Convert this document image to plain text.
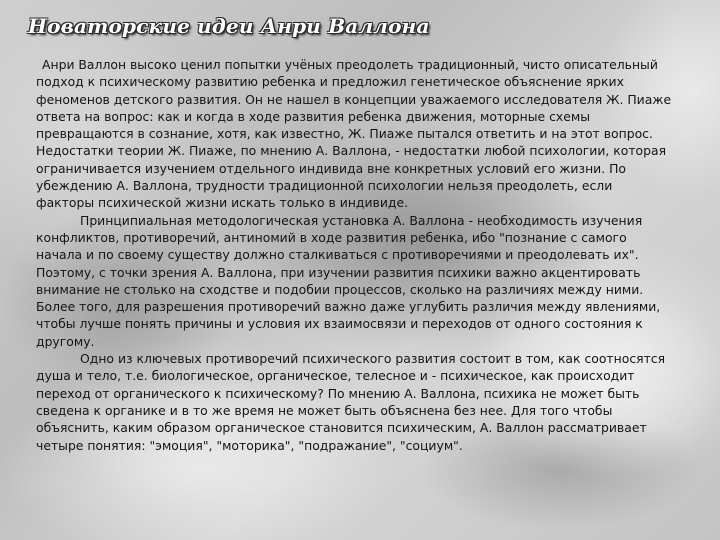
Новаторские идеи Анри Валлона

Анри Валлон высоко ценил попытки учёных преодолеть традиционный, чисто описательный подход к психическому развитию ребенка и предложил генетическое объяснение ярких феноменов детского развития. Он не нашел в концепции уважаемого исследователя Ж. Пиаже ответа на вопрос: как и когда в ходе развития ребенка движения, моторные схемы превращаются в сознание, хотя, как известно, Ж. Пиаже пытался ответить и на этот вопрос. Недостатки теории Ж. Пиаже, по мнению А. Валлона, - недостатки любой психологии, которая ограничивается изучением отдельного индивида вне конкретных условий его жизни. По убеждению А. Валлона, трудности традиционной психологии нельзя преодолеть, если факторы психической жизни искать только в индивиде.

Принципиальная методологическая установка А. Валлона - необходимость изучения конфликтов, противоречий, антиномий в ходе развития ребенка, ибо "познание с самого начала и по своему существу должно сталкиваться с противоречиями и преодолевать их". Поэтому, с точки зрения А. Валлона, при изучении развития психики важно акцентировать внимание не столько на сходстве и подобии процессов, сколько на различиях между ними. Более того, для разрешения противоречий важно даже углубить различия между явлениями, чтобы лучше понять причины и условия их взаимосвязи и переходов от одного состояния к другому.

Одно из ключевых противоречий психического развития состоит в том, как соотносятся душа и тело, т.е. биологическое, органическое, телесное и - психическое, как происходит переход от органического к психическому? По мнению А. Валлона, психика не может быть сведена к органике и в то же время не может быть объяснена без нее. Для того чтобы объяснить, каким образом органическое становится психическим, А. Валлон рассматривает четыре понятия: "эмоция", "моторика", "подражание", "социум".
